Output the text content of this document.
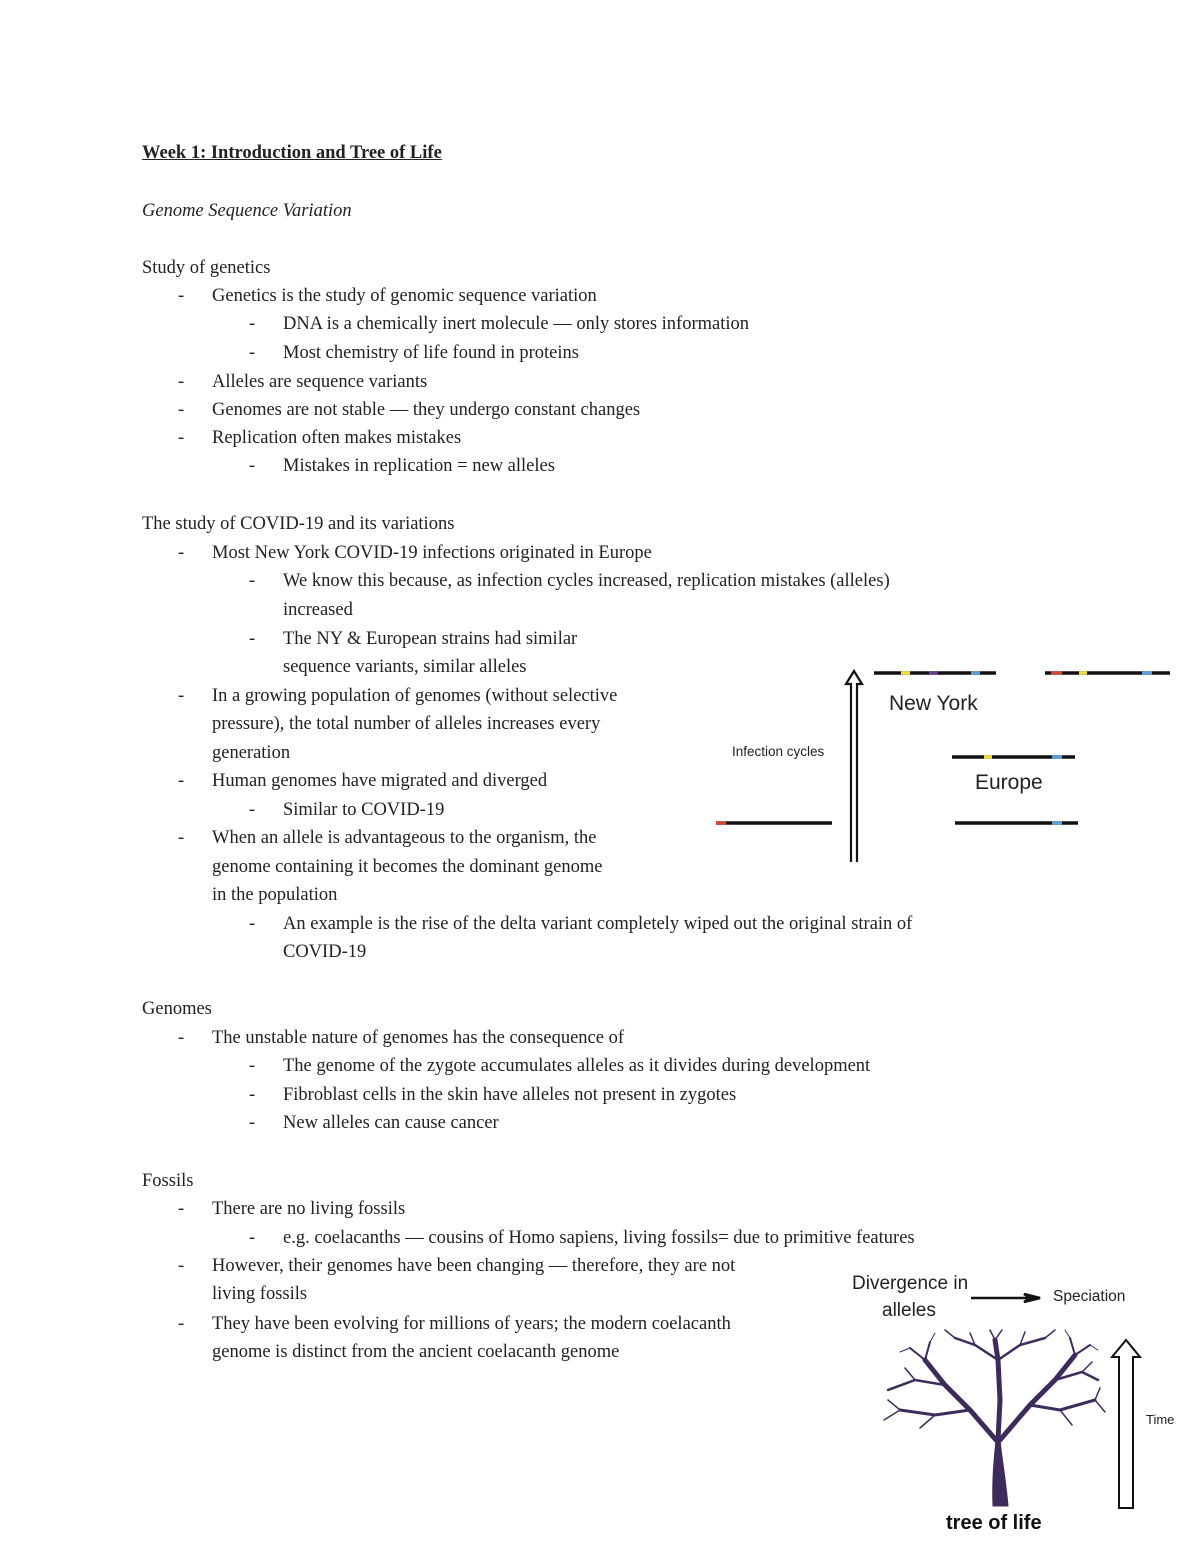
Week 1: Introduction and Tree of Life
Genome Sequence Variation
Study of genetics
- Genetics is the study of genomic sequence variation
- DNA is a chemically inert molecule — only stores information
- Most chemistry of life found in proteins
- Alleles are sequence variants
- Genomes are not stable — they undergo constant changes
- Replication often makes mistakes
- Mistakes in replication = new alleles
The study of COVID-19 and its variations
- Most New York COVID-19 infections originated in Europe
- We know this because, as infection cycles increased, replication mistakes (alleles)
increased
- The NY & European strains had similar
sequence variants, similar alleles
- In a growing population of genomes (without selective
pressure), the total number of alleles increases every
generation
- Human genomes have migrated and diverged
- Similar to COVID-19
- When an allele is advantageous to the organism, the
genome containing it becomes the dominant genome
in the population
- An example is the rise of the delta variant completely wiped out the original strain of
COVID-19
Genomes
- The unstable nature of genomes has the consequence of
- The genome of the zygote accumulates alleles as it divides during development
- Fibroblast cells in the skin have alleles not present in zygotes
- New alleles can cause cancer
Fossils
- There are no living fossils
- e.g. coelacanths — cousins of Homo sapiens, living fossils= due to primitive features
- However, their genomes have been changing — therefore, they are not
living fossils
- They have been evolving for millions of years; the modern coelacanth
genome is distinct from the ancient coelacanth genome
Infection cycles
New York
Europe
Divergence in
alleles
Speciation
Time
tree of life
